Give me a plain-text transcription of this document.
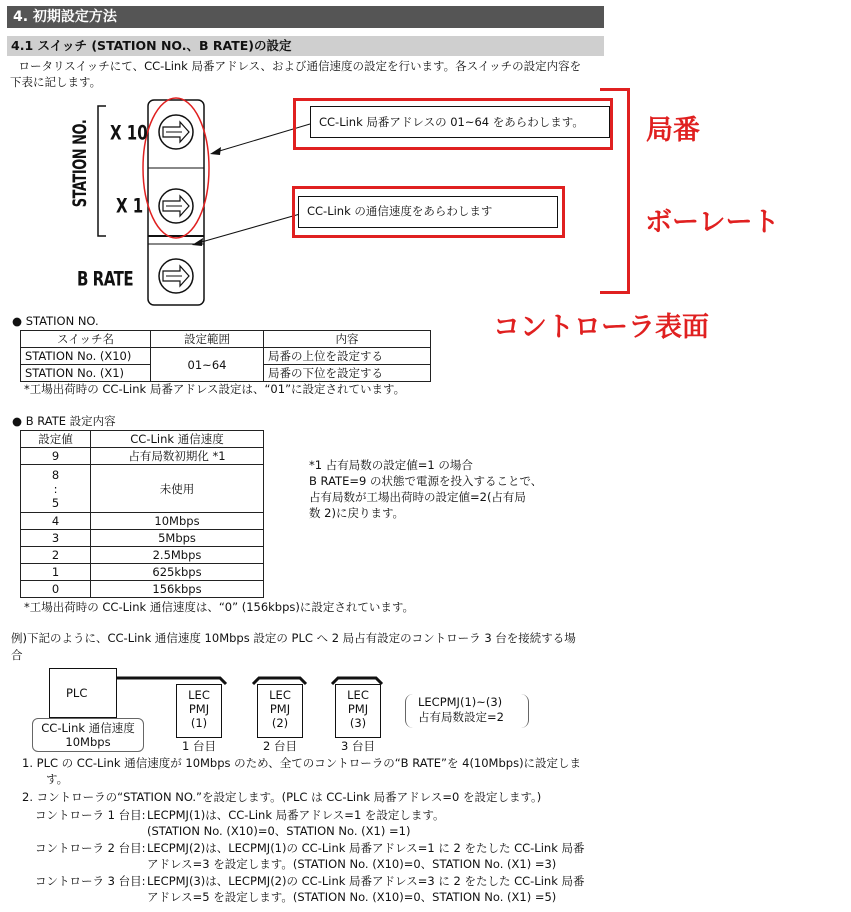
4. 初期設定方法
4.1 スイッチ (STATION NO.、B RATE)の設定
　ロータリスイッチにて、CC-Link 局番アドレス、および通信速度の設定を行います。各スイッチの設定内容を
下表に記します。
STATION NO. X 10
X 1
B RATE
CC-Link 局番アドレスの 01~64 をあらわします。
CC-Link の通信速度をあらわします
局番
ボーレート
コントローラ表面
● STATION NO.
スイッチ名	設定範囲	内容
STATION No. (X10)	01~64	局番の上位を設定する
STATION No. (X1)		局番の下位を設定する
*工場出荷時の CC-Link 局番アドレス設定は、“01”に設定されています。
● B RATE 設定内容
設定値	CC-Link 通信速度
9	占有局数初期化 *1
8
:
5	未使用
4	10Mbps
3	5Mbps
2	2.5Mbps
1	625kbps
0	156kbps
*工場出荷時の CC-Link 通信速度は、“0” (156kbps)に設定されています。
*1 占有局数の設定値=1 の場合
B RATE=9 の状態で電源を投入することで、
占有局数が工場出荷時の設定値=2(占有局
数 2)に戻ります。
例)下記のように、CC-Link 通信速度 10Mbps 設定の PLC へ 2 局占有設定のコントローラ 3 台を接続する場
合
PLC
CC-Link 通信速度
10Mbps
LEC
PMJ
(1)
1 台目
LEC
PMJ
(2)
2 台目
LEC
PMJ
(3)
3 台目
LECPMJ(1)~(3)
占有局数設定=2
1. PLC の CC-Link 通信速度が 10Mbps のため、全てのコントローラの“B RATE”を 4(10Mbps)に設定しま
す。
2. コントローラの“STATION NO.”を設定します。(PLC は CC-Link 局番アドレス=0 を設定します。)
コントローラ 1 台目: LECPMJ(1)は、CC-Link 局番アドレス=1 を設定します。
(STATION No. (X10)=0、STATION No. (X1) =1)
コントローラ 2 台目: LECPMJ(2)は、LECPMJ(1)の CC-Link 局番アドレス=1 に 2 をたした CC-Link 局番
アドレス=3 を設定します。(STATION No. (X10)=0、STATION No. (X1) =3)
コントローラ 3 台目: LECPMJ(3)は、LECPMJ(2)の CC-Link 局番アドレス=3 に 2 をたした CC-Link 局番
アドレス=5 を設定します。(STATION No. (X10)=0、STATION No. (X1) =5)
